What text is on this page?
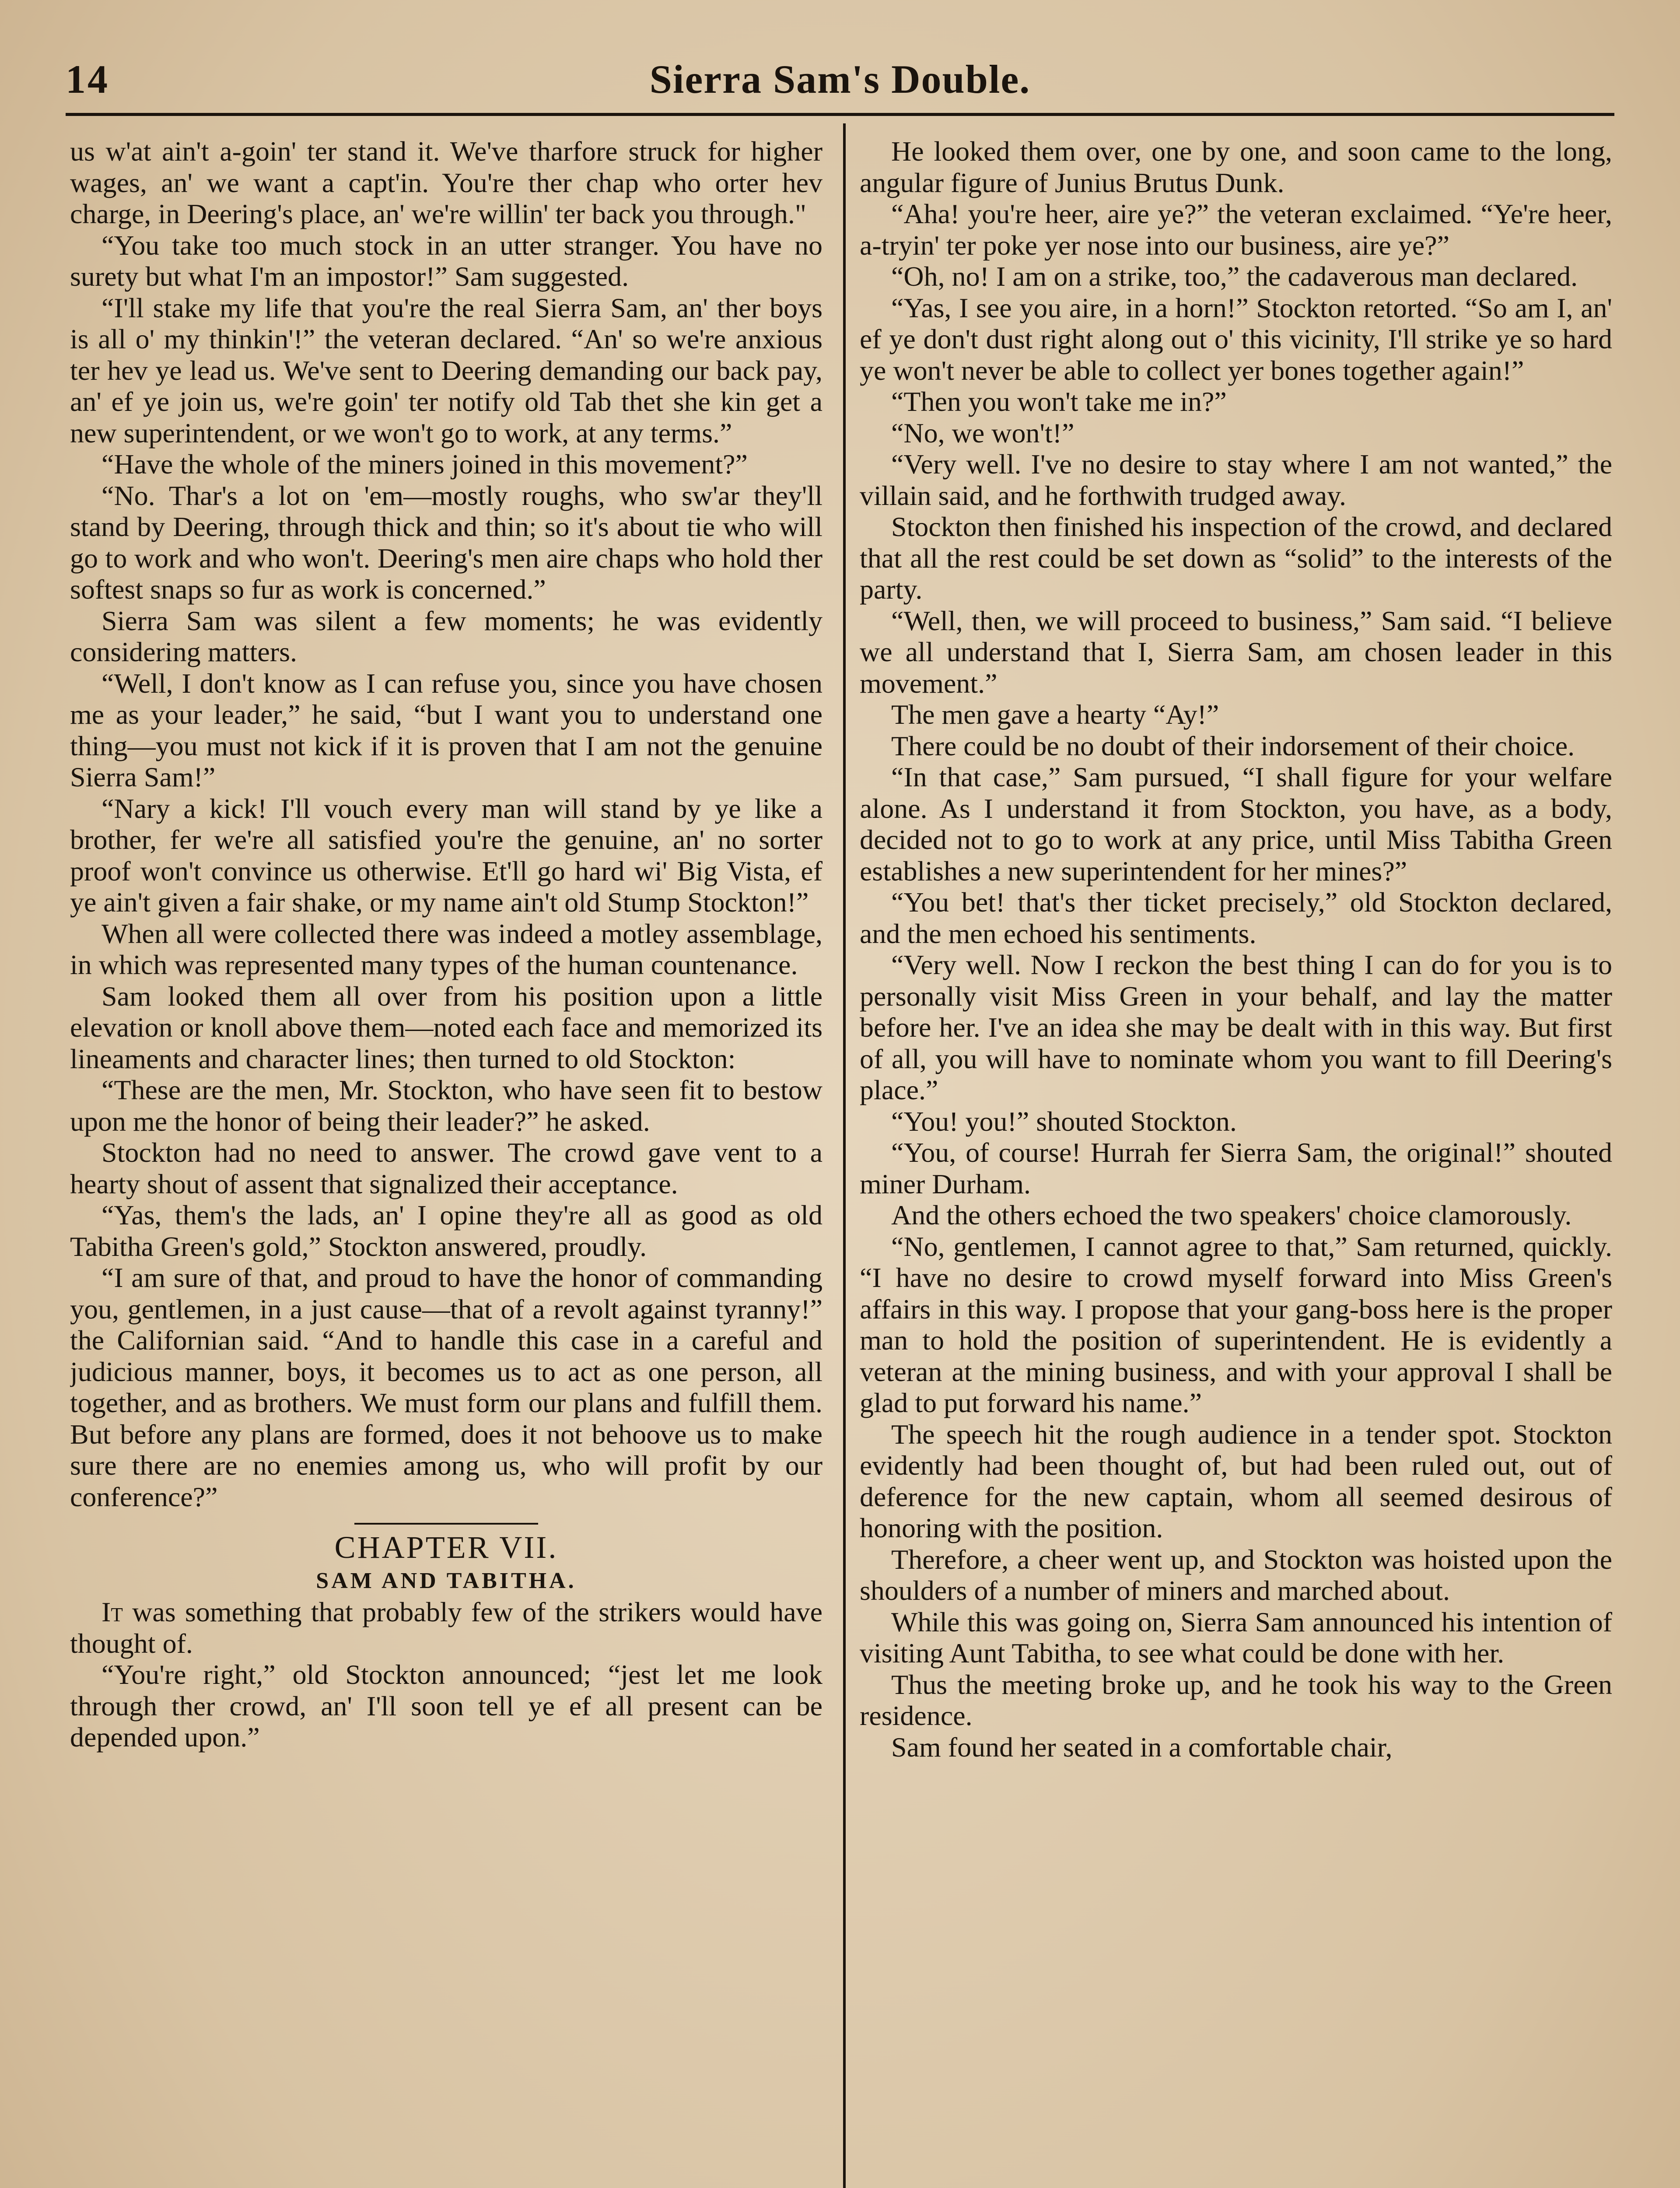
14	Sierra Sam's Double.

us w'at ain't a-goin' ter stand it. We've tharfore struck for higher wages, an' we want a capt'in. You're ther chap who orter hev charge, in Deering's place, an' we're willin' ter back you through."

“You take too much stock in an utter stranger. You have no surety but what I'm an impostor!” Sam suggested.

“I'll stake my life that you're the real Sierra Sam, an' ther boys is all o' my thinkin'!” the veteran declared. “An' so we're anxious ter hev ye lead us. We've sent to Deering demanding our back pay, an' ef ye join us, we're goin' ter notify old Tab thet she kin get a new superintendent, or we won't go to work, at any terms.”

“Have the whole of the miners joined in this movement?”

“No. Thar's a lot on 'em—mostly roughs, who sw'ar they'll stand by Deering, through thick and thin; so it's about tie who will go to work and who won't. Deering's men aire chaps who hold ther softest snaps so fur as work is concerned.”

Sierra Sam was silent a few moments; he was evidently considering matters.

“Well, I don't know as I can refuse you, since you have chosen me as your leader,” he said, “but I want you to understand one thing—you must not kick if it is proven that I am not the genuine Sierra Sam!”

“Nary a kick! I'll vouch every man will stand by ye like a brother, fer we're all satisfied you're the genuine, an' no sorter proof won't convince us otherwise. Et'll go hard wi' Big Vista, ef ye ain't given a fair shake, or my name ain't old Stump Stockton!”

When all were collected there was indeed a motley assemblage, in which was represented many types of the human countenance.

Sam looked them all over from his position upon a little elevation or knoll above them—noted each face and memorized its lineaments and character lines; then turned to old Stockton:

“These are the men, Mr. Stockton, who have seen fit to bestow upon me the honor of being their leader?” he asked.

Stockton had no need to answer. The crowd gave vent to a hearty shout of assent that signalized their acceptance.

“Yas, them's the lads, an' I opine they're all as good as old Tabitha Green's gold,” Stockton answered, proudly.

“I am sure of that, and proud to have the honor of commanding you, gentlemen, in a just cause—that of a revolt against tyranny!” the Californian said. “And to handle this case in a careful and judicious manner, boys, it becomes us to act as one person, all together, and as brothers. We must form our plans and fulfill them. But before any plans are formed, does it not behoove us to make sure there are no enemies among us, who will profit by our conference?”

CHAPTER VII.
SAM AND TABITHA.

It was something that probably few of the strikers would have thought of.

“You're right,” old Stockton announced; “jest let me look through ther crowd, an' I'll soon tell ye ef all present can be depended upon.”

He looked them over, one by one, and soon came to the long, angular figure of Junius Brutus Dunk.

“Aha! you're heer, aire ye?” the veteran exclaimed. “Ye're heer, a-tryin' ter poke yer nose into our business, aire ye?”

“Oh, no! I am on a strike, too,” the cadaverous man declared.

“Yas, I see you aire, in a horn!” Stockton retorted. “So am I, an' ef ye don't dust right along out o' this vicinity, I'll strike ye so hard ye won't never be able to collect yer bones together again!”

“Then you won't take me in?”

“No, we won't!”

“Very well. I've no desire to stay where I am not wanted,” the villain said, and he forthwith trudged away.

Stockton then finished his inspection of the crowd, and declared that all the rest could be set down as “solid” to the interests of the party.

“Well, then, we will proceed to business,” Sam said. “I believe we all understand that I, Sierra Sam, am chosen leader in this movement.”

The men gave a hearty “Ay!”

There could be no doubt of their indorsement of their choice.

“In that case,” Sam pursued, “I shall figure for your welfare alone. As I understand it from Stockton, you have, as a body, decided not to go to work at any price, until Miss Tabitha Green establishes a new superintendent for her mines?”

“You bet! that's ther ticket precisely,” old Stockton declared, and the men echoed his sentiments.

“Very well. Now I reckon the best thing I can do for you is to personally visit Miss Green in your behalf, and lay the matter before her. I've an idea she may be dealt with in this way. But first of all, you will have to nominate whom you want to fill Deering's place.”

“You! you!” shouted Stockton.

“You, of course! Hurrah fer Sierra Sam, the original!” shouted miner Durham.

And the others echoed the two speakers' choice clamorously.

“No, gentlemen, I cannot agree to that,” Sam returned, quickly. “I have no desire to crowd myself forward into Miss Green's affairs in this way. I propose that your gang-boss here is the proper man to hold the position of superintendent. He is evidently a veteran at the mining business, and with your approval I shall be glad to put forward his name.”

The speech hit the rough audience in a tender spot. Stockton evidently had been thought of, but had been ruled out, out of deference for the new captain, whom all seemed desirous of honoring with the position.

Therefore, a cheer went up, and Stockton was hoisted upon the shoulders of a number of miners and marched about.

While this was going on, Sierra Sam announced his intention of visiting Aunt Tabitha, to see what could be done with her.

Thus the meeting broke up, and he took his way to the Green residence.

Sam found her seated in a comfortable chair,
